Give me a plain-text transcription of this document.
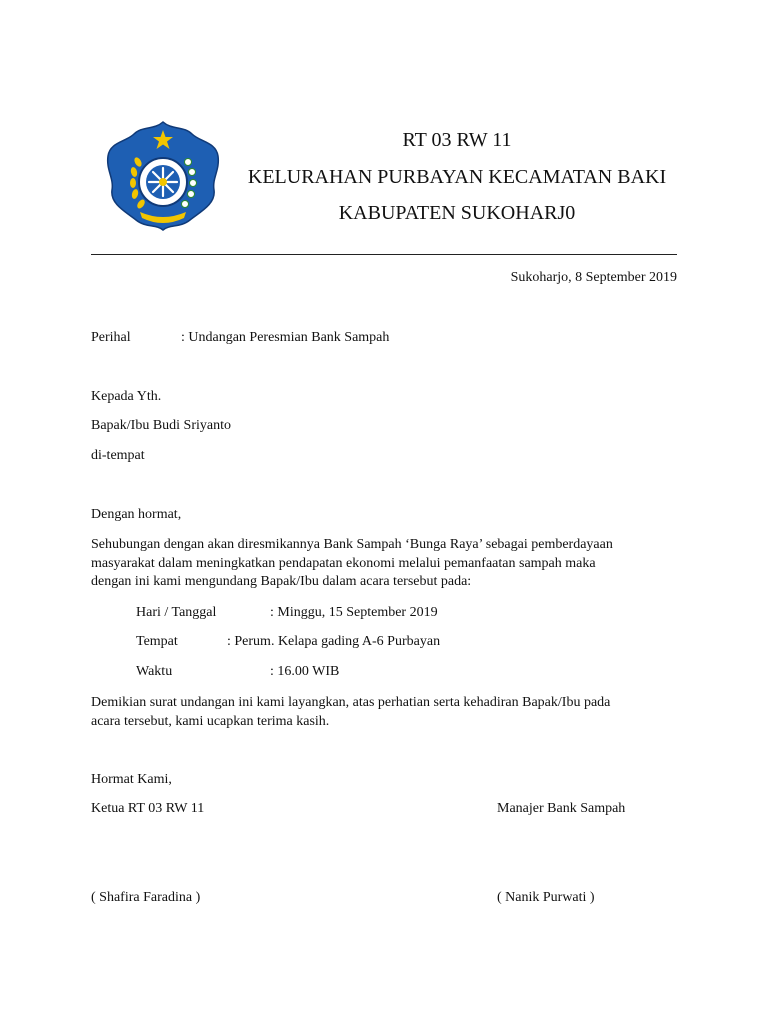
RT 03 RW 11
KELURAHAN PURBAYAN KECAMATAN BAKI
KABUPATEN SUKOHARJ0
Sukoharjo, 8 September 2019
Perihal	: Undangan Peresmian Bank Sampah
Kepada Yth.
Bapak/Ibu Budi Sriyanto
di-tempat
Dengan hormat,
Sehubungan dengan akan diresmikannya Bank Sampah ‘Bunga Raya’ sebagai pemberdayaan
masyarakat dalam meningkatkan pendapatan ekonomi melalui pemanfaatan sampah maka
dengan ini kami mengundang Bapak/Ibu dalam acara tersebut pada:
Hari / Tanggal	: Minggu, 15 September 2019
Tempat	: Perum. Kelapa gading A-6 Purbayan
Waktu	: 16.00 WIB
Demikian surat undangan ini kami layangkan, atas perhatian serta kehadiran Bapak/Ibu pada
acara tersebut, kami ucapkan terima kasih.
Hormat Kami,
Ketua RT 03 RW 11	Manajer Bank Sampah
( Shafira Faradina )	( Nanik Purwati )
